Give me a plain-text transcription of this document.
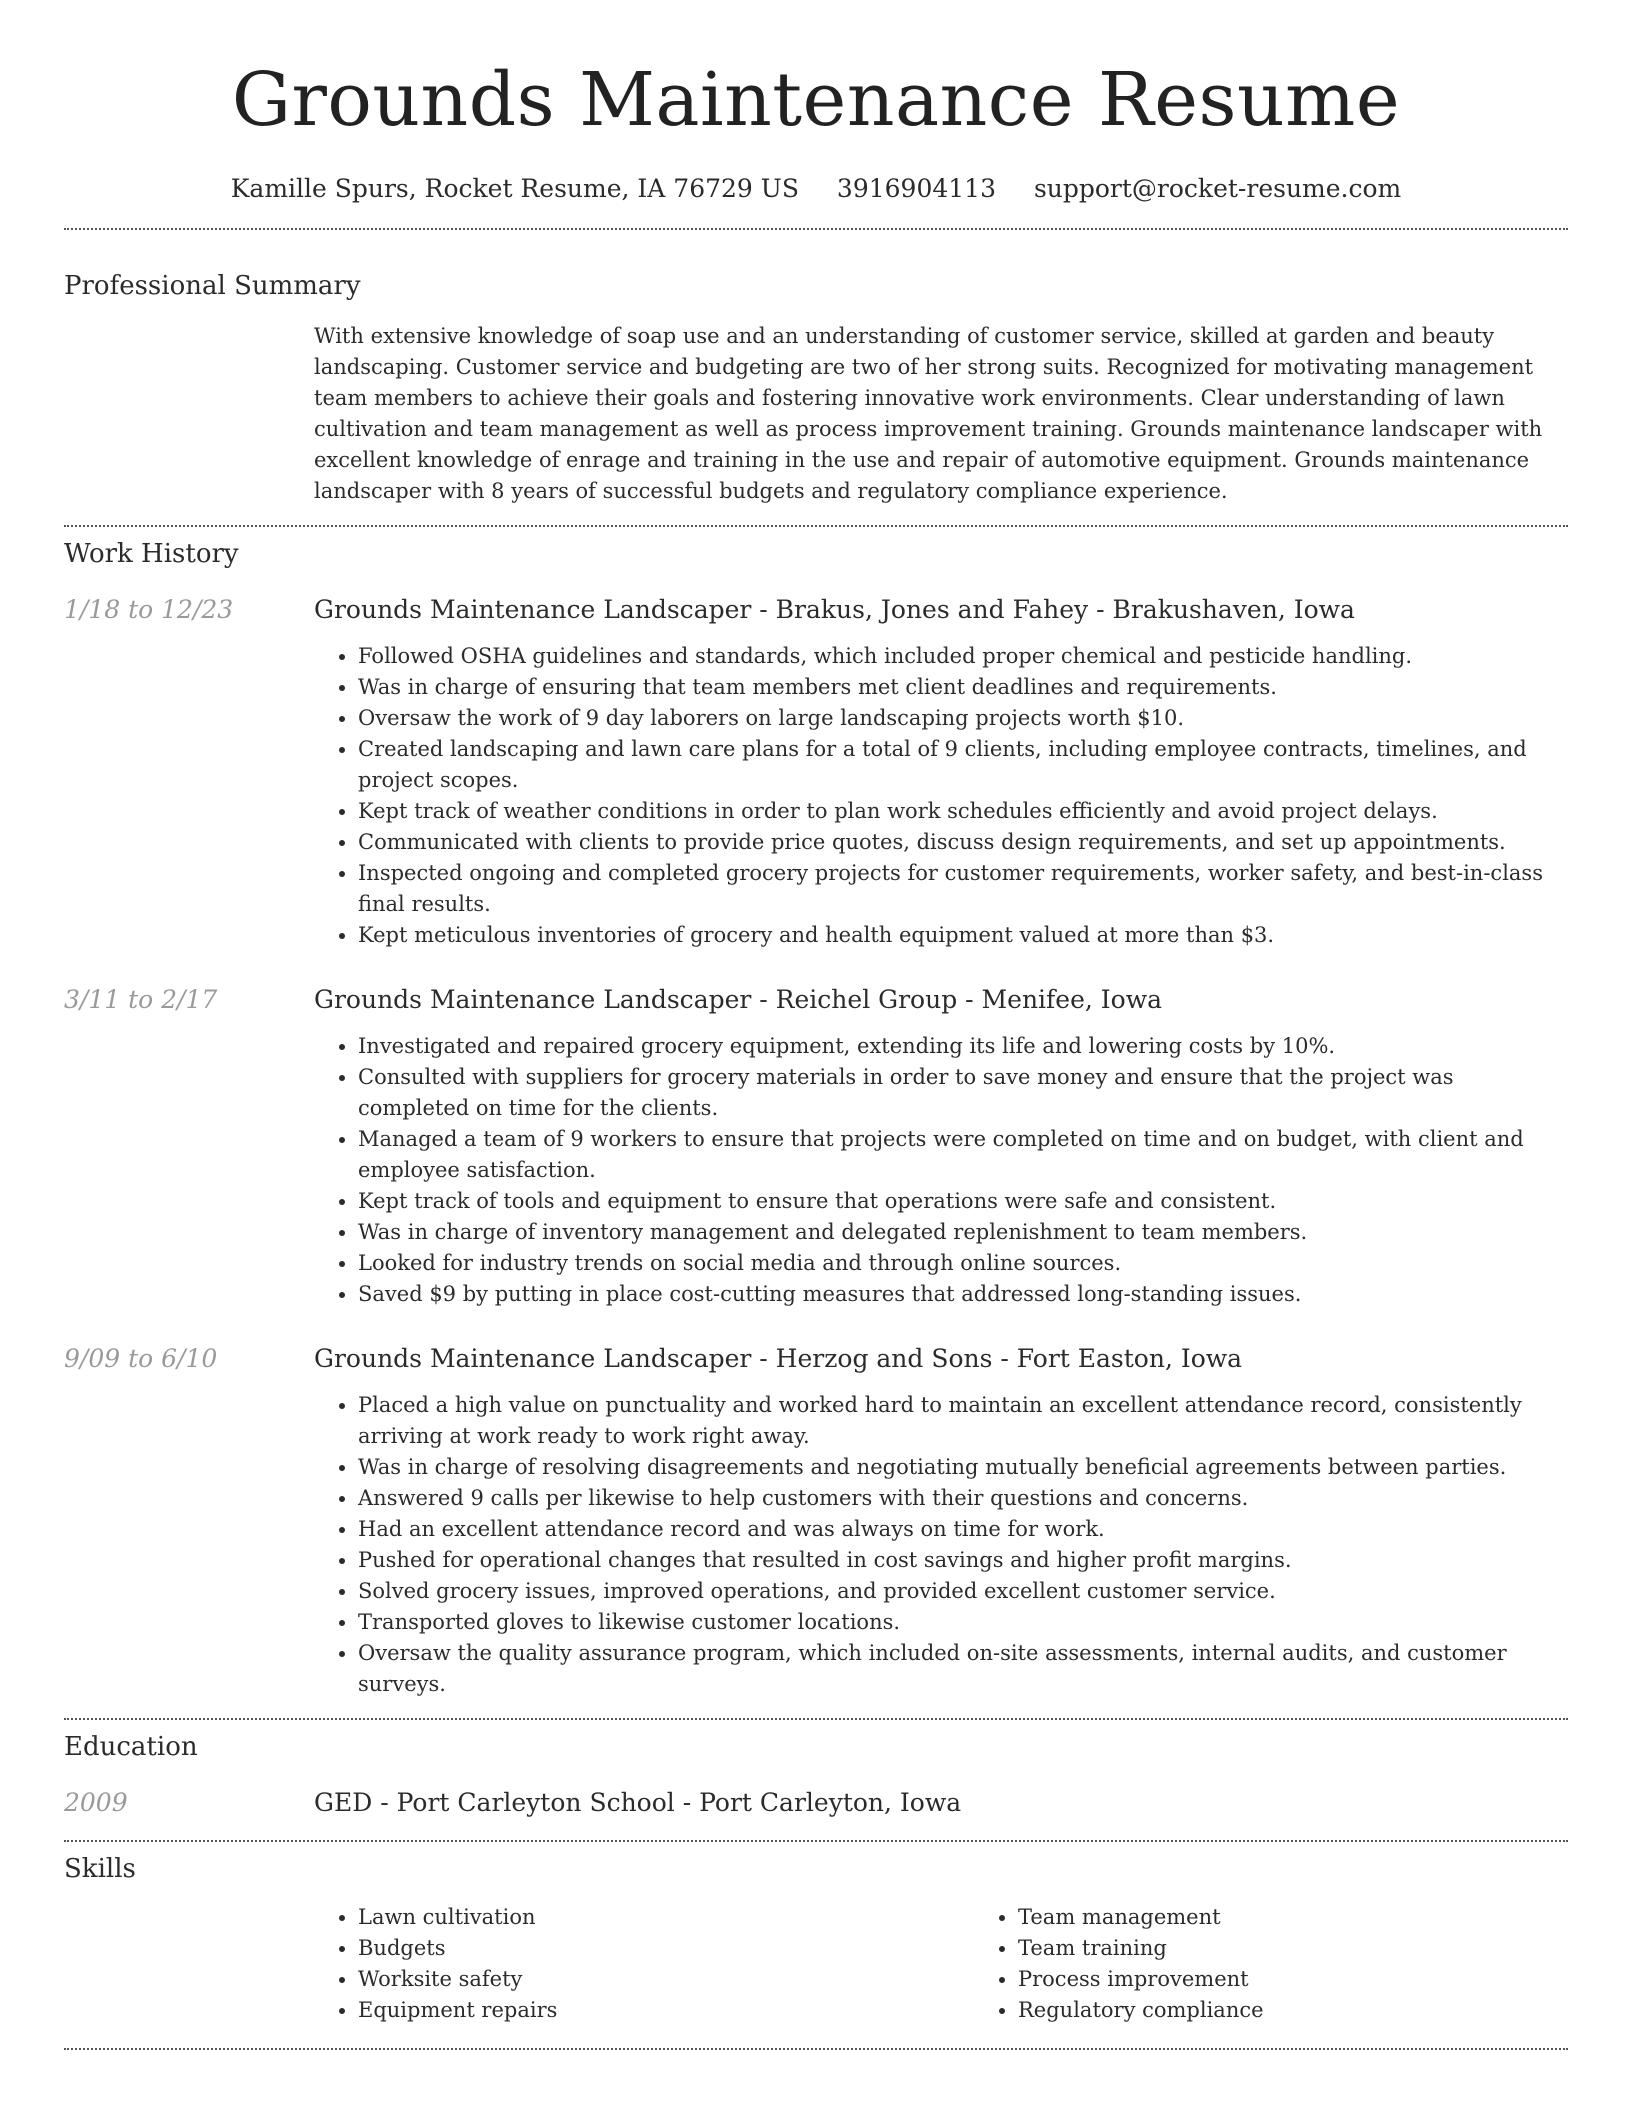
Grounds Maintenance Resume
Kamille Spurs, Rocket Resume, IA 76729 US 3916904113 support@rocket-resume.com
Professional Summary

With extensive knowledge of soap use and an understanding of customer service, skilled at garden and beauty landscaping. Customer service and budgeting are two of her strong suits. Recognized for motivating management team members to achieve their goals and fostering innovative work environments. Clear understanding of lawn cultivation and team management as well as process improvement training. Grounds maintenance landscaper with excellent knowledge of enrage and training in the use and repair of automotive equipment. Grounds maintenance landscaper with 8 years of successful budgets and regulatory compliance experience.

Work History
1/18 to 12/23	Grounds Maintenance Landscaper - Brakus, Jones and Fahey - Brakushaven, Iowa
• Followed OSHA guidelines and standards, which included proper chemical and pesticide handling.
• Was in charge of ensuring that team members met client deadlines and requirements.
• Oversaw the work of 9 day laborers on large landscaping projects worth $10.
• Created landscaping and lawn care plans for a total of 9 clients, including employee contracts, timelines, and project scopes.
• Kept track of weather conditions in order to plan work schedules efficiently and avoid project delays.
• Communicated with clients to provide price quotes, discuss design requirements, and set up appointments.
• Inspected ongoing and completed grocery projects for customer requirements, worker safety, and best-in-class final results.
• Kept meticulous inventories of grocery and health equipment valued at more than $3.
3/11 to 2/17	Grounds Maintenance Landscaper - Reichel Group - Menifee, Iowa
• Investigated and repaired grocery equipment, extending its life and lowering costs by 10%.
• Consulted with suppliers for grocery materials in order to save money and ensure that the project was completed on time for the clients.
• Managed a team of 9 workers to ensure that projects were completed on time and on budget, with client and employee satisfaction.
• Kept track of tools and equipment to ensure that operations were safe and consistent.
• Was in charge of inventory management and delegated replenishment to team members.
• Looked for industry trends on social media and through online sources.
• Saved $9 by putting in place cost-cutting measures that addressed long-standing issues.
9/09 to 6/10	Grounds Maintenance Landscaper - Herzog and Sons - Fort Easton, Iowa
• Placed a high value on punctuality and worked hard to maintain an excellent attendance record, consistently arriving at work ready to work right away.
• Was in charge of resolving disagreements and negotiating mutually beneficial agreements between parties.
• Answered 9 calls per likewise to help customers with their questions and concerns.
• Had an excellent attendance record and was always on time for work.
• Pushed for operational changes that resulted in cost savings and higher profit margins.
• Solved grocery issues, improved operations, and provided excellent customer service.
• Transported gloves to likewise customer locations.
• Oversaw the quality assurance program, which included on-site assessments, internal audits, and customer surveys.
Education
2009	GED - Port Carleyton School - Port Carleyton, Iowa
Skills
• Lawn cultivation
• Budgets
• Worksite safety
• Equipment repairs
• Team management
• Team training
• Process improvement
• Regulatory compliance
